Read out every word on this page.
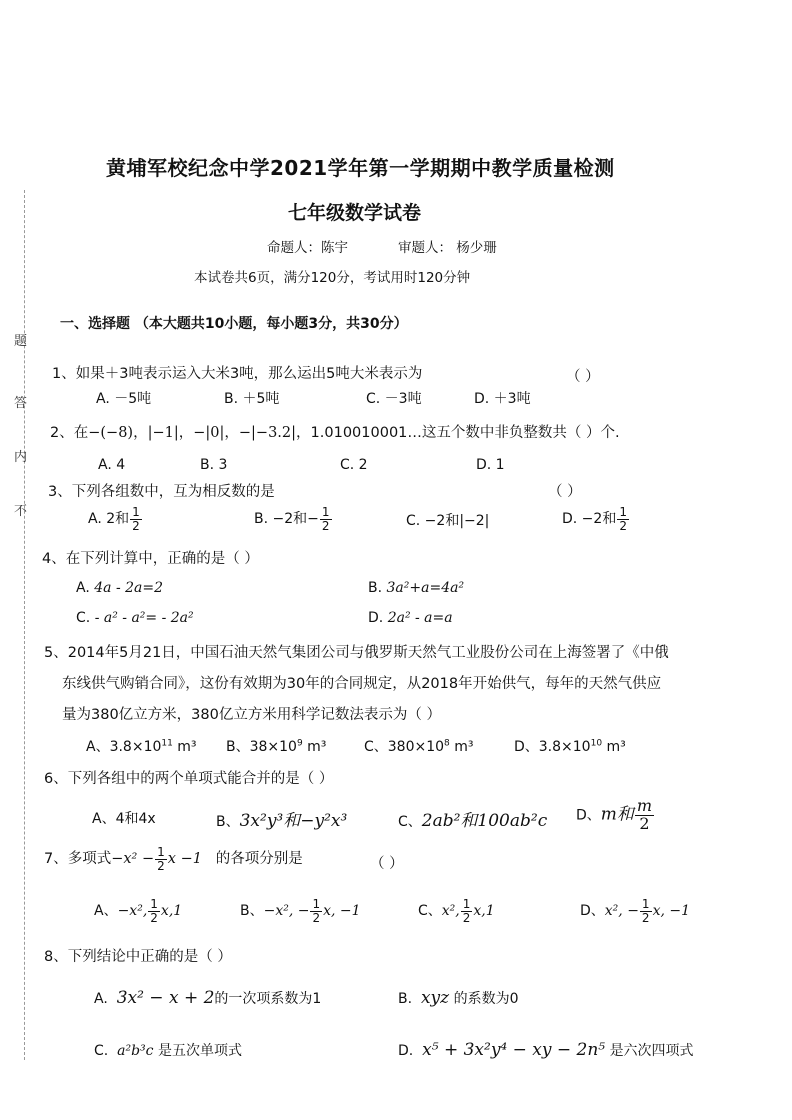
题
答
内
不
黄埔军校纪念中学2021学年第一学期期中教学质量检测
七年级数学试卷
命题人：陈宇	审题人： 杨少珊
本试卷共6页，满分120分，考试用时120分钟
一、选择题 （本大题共10小题，每小题3分，共30分）
1、如果＋3吨表示运入大米3吨，那么运出5吨大米表示为	（ ）
A. －5吨	B. ＋5吨	C. －3吨	D. ＋3吨
2、在−(−8)，|−1|，−|0|，−|−3.2|，1.010010001…这五个数中非负整数共（ ）个.
A. 4	B. 3	C. 2	D. 1
3、下列各组数中，互为相反数的是	（ ）
A. 2和 $\frac{1}{2}$	B. −2和− $\frac{1}{2}$	C. −2和|−2|	D. −2和 $\frac{1}{2}$
4、在下列计算中，正确的是（ ）
A. 4a - 2a=2	B. 3a²+a=4a²
C. - a² - a²= - 2a²	D. 2a² - a=a
5、2014年5月21日，中国石油天然气集团公司与俄罗斯天然气工业股份公司在上海签署了《中俄
东线供气购销合同》，这份有效期为30年的合同规定，从2018年开始供气，每年的天然气供应
量为380亿立方米，380亿立方米用科学记数法表示为（ ）
A、$3.8\times 10^{11}$ m³ B、$38\times 10^9$ m³	C、$380\times 10^8$ m³	D、$3.8\times 10^{10}$ m³
6、下列各组中的两个单项式能合并的是（ ）
A、4和4x	B、3x²y³和−y²x³	C、2ab²和100ab²c D、m和 $\frac{m}{2}$
7、多项式$-x^2 - \frac{1}{2}$ x −1 的各项分别是	（ ）
A、−x², $\frac{1}{2} x,1$	B、−x², − $\frac{1}{2} x$, −1	C、x², $\frac{1}{2} x,1$	D、x², − $\frac{1}{2} x$, −1
8、下列结论中正确的是（ ）
A. 3x² − x + 2的一次项系数为1	B. xyz 的系数为0
C. a²b³c 是五次单项式	D. x⁵ + 3x²y⁴ − xy − 2n⁵ 是六次四项式
